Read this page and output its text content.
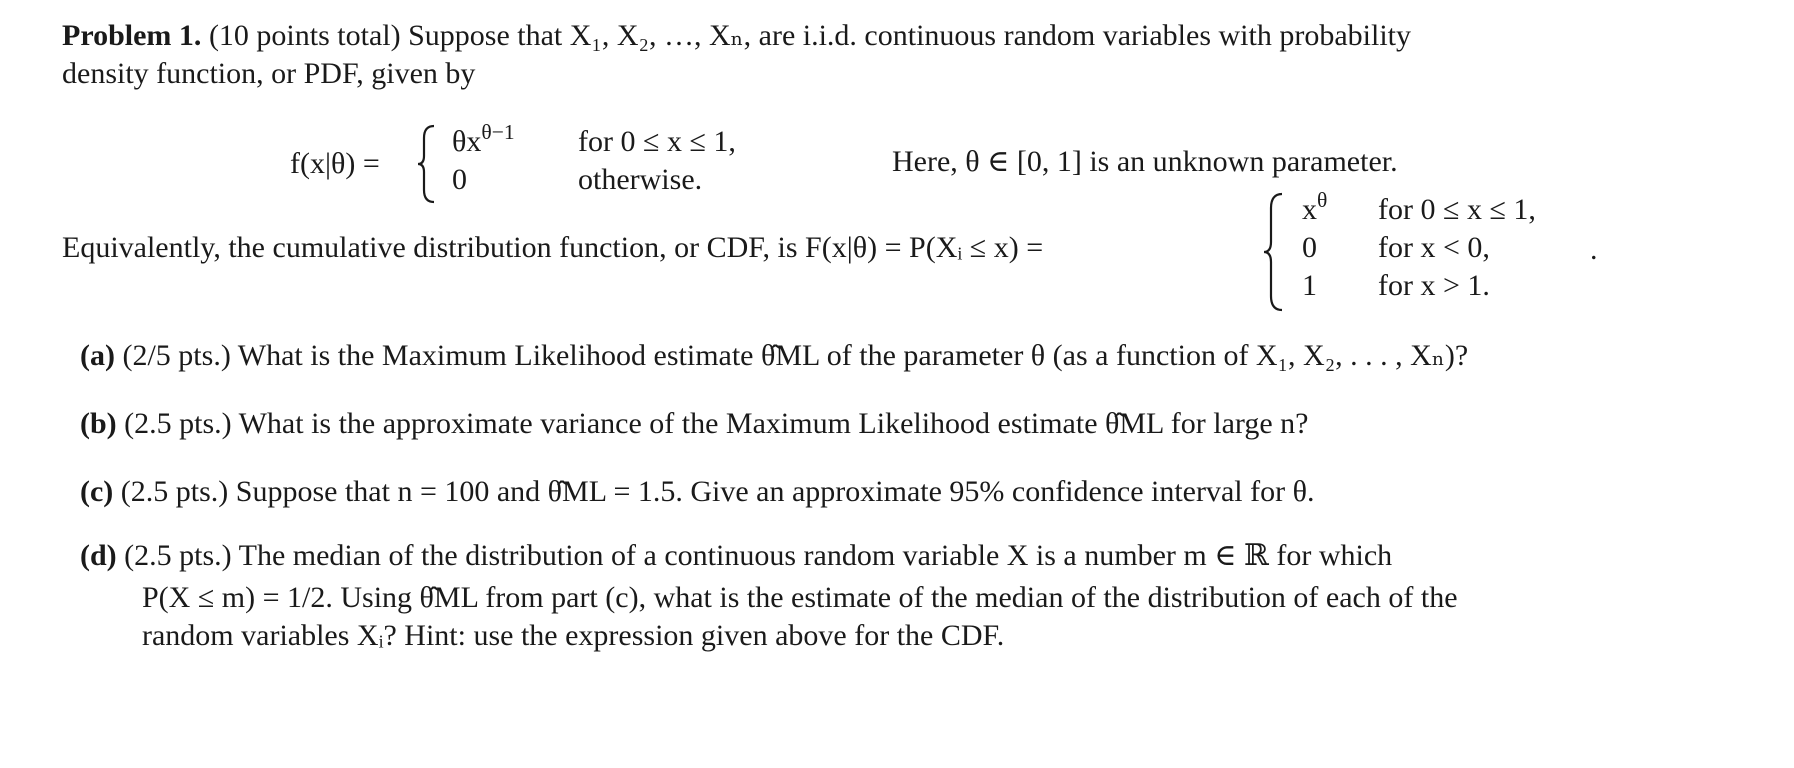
Problem 1. (10 points total) Suppose that X₁, X₂, …, Xₙ, are i.i.d. continuous random variables with probability
density function, or PDF, given by
f(x|θ) =
$\theta x^{\theta-1}$ for 0 ≤ x ≤ 1,
0	otherwise.
Here, θ ∈ [0, 1] is an unknown parameter.
Equivalently, the cumulative distribution function, or CDF, is F(x|θ) = P(Xᵢ ≤ x) =
$x^\theta$ for 0 ≤ x ≤ 1,
0 for x < 0,
1 for x > 1.
.
(a) (2/5 pts.) What is the Maximum Likelihood estimate θ̂ML of the parameter θ (as a function of X₁, X₂, . . . , Xₙ)?
(b) (2.5 pts.) What is the approximate variance of the Maximum Likelihood estimate θ̂ML for large n?
(c) (2.5 pts.) Suppose that n = 100 and θ̂ML = 1.5. Give an approximate 95% confidence interval for θ.
(d) (2.5 pts.) The median of the distribution of a continuous random variable X is a number m ∈ ℝ for which
P(X ≤ m) = 1/2. Using θ̂ML from part (c), what is the estimate of the median of the distribution of each of the
random variables Xᵢ? Hint: use the expression given above for the CDF.
